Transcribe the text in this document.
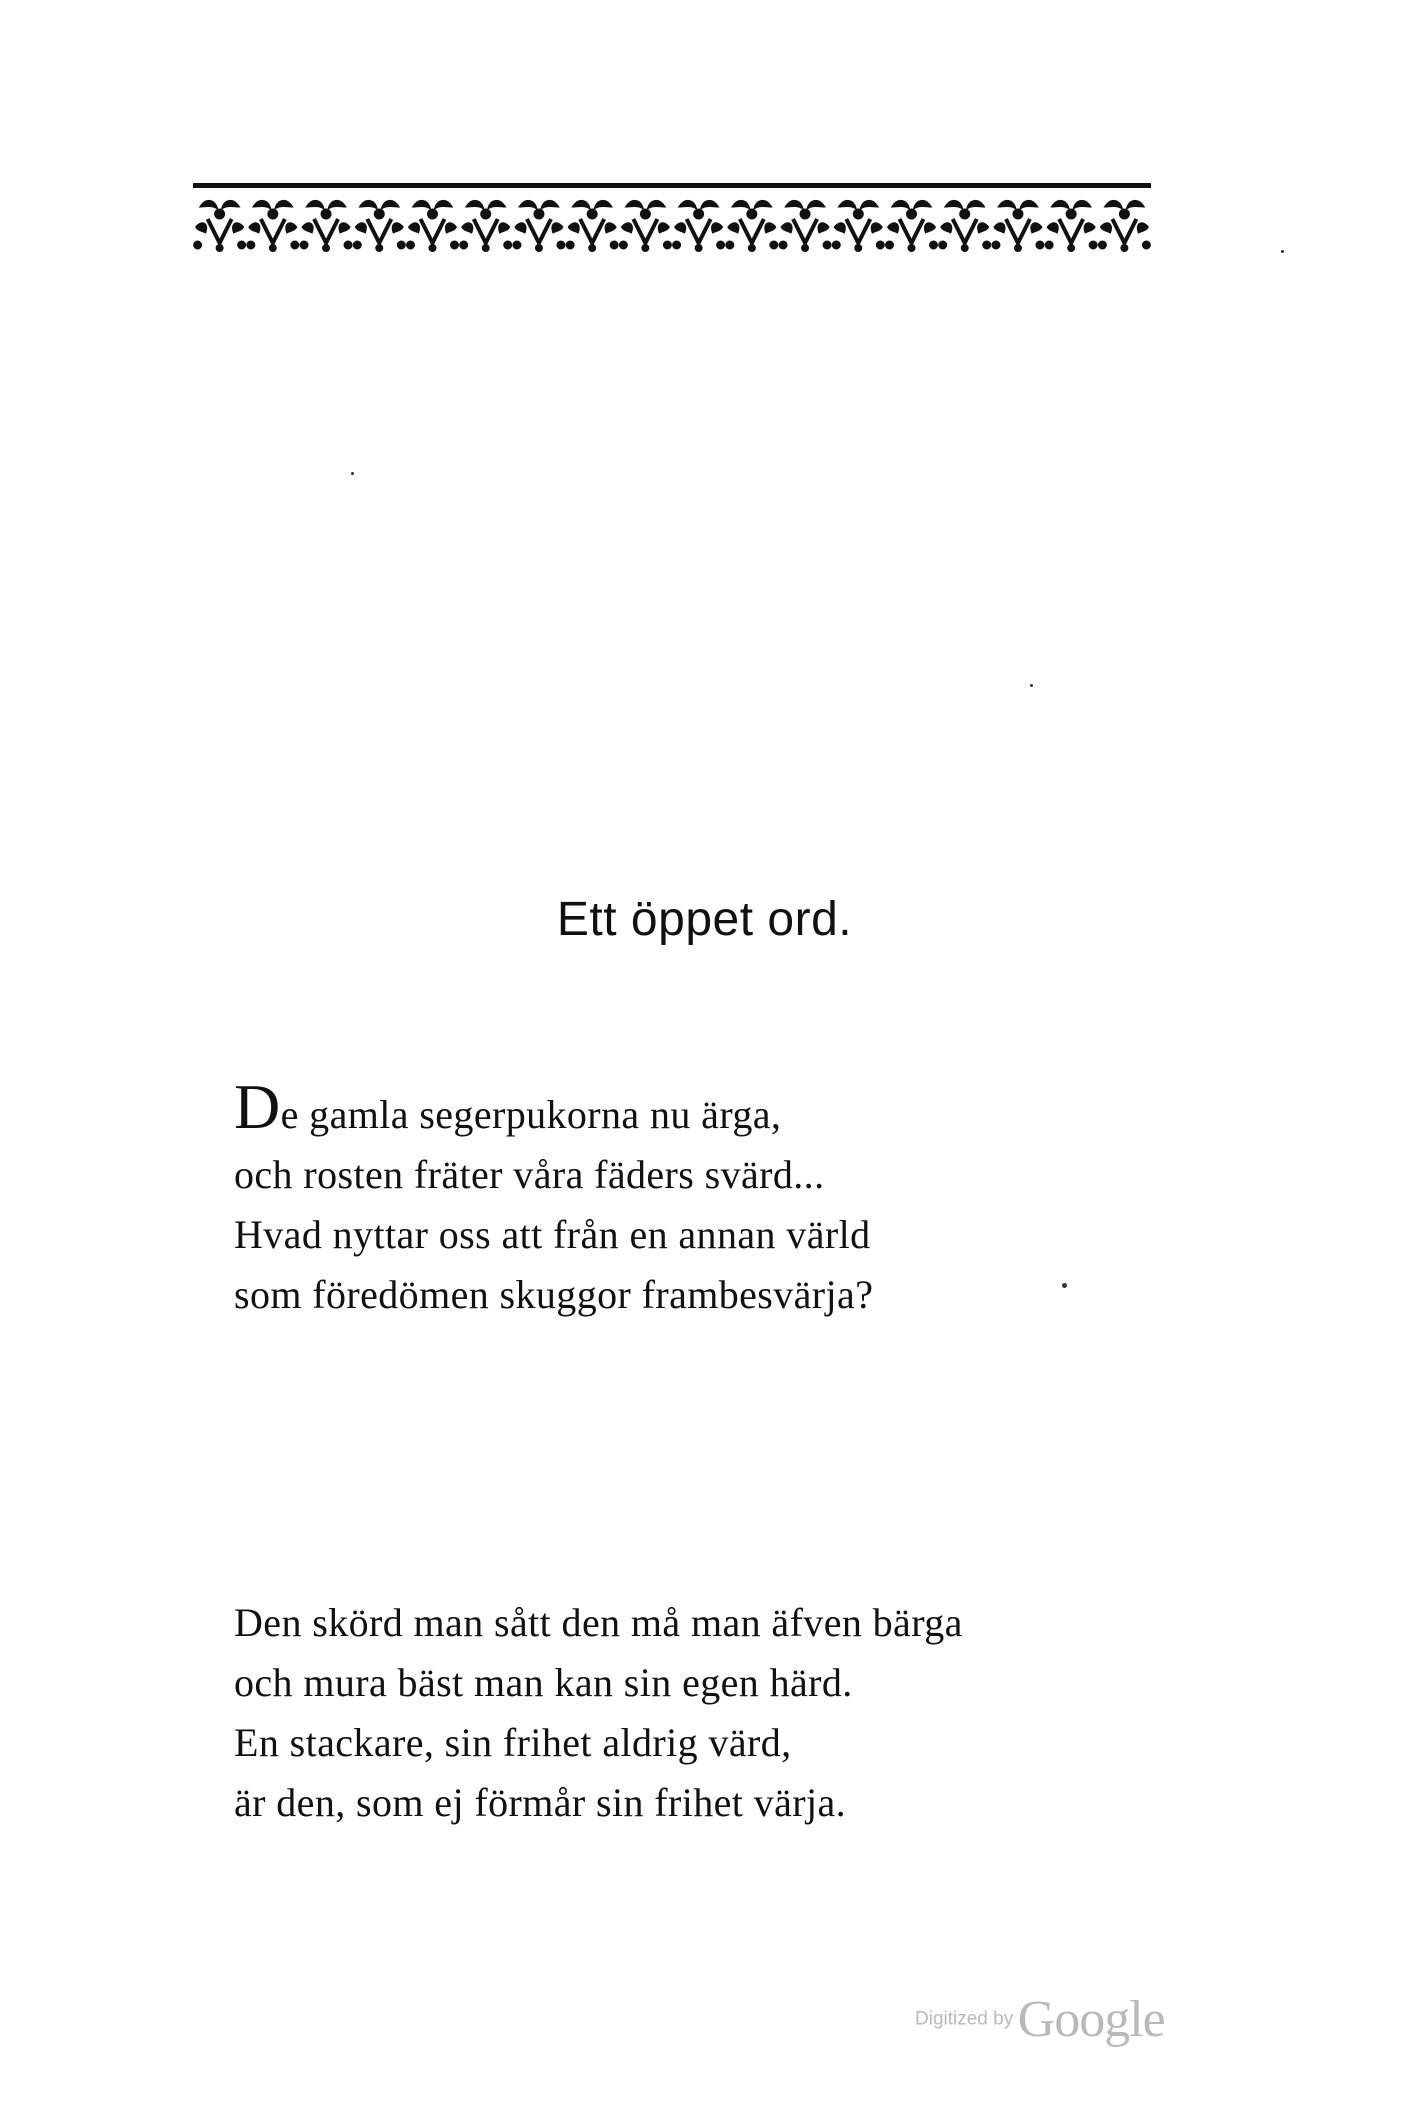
Ett öppet ord.
De gamla segerpukorna nu ärga,
och rosten fräter våra fäders svärd...
Hvad nyttar oss att från en annan värld
som föredömen skuggor frambesvärja?
Den skörd man sått den må man äfven bärga
och mura bäst man kan sin egen härd.
En stackare, sin frihet aldrig värd,
är den, som ej förmår sin frihet värja.
Digitized by Google
